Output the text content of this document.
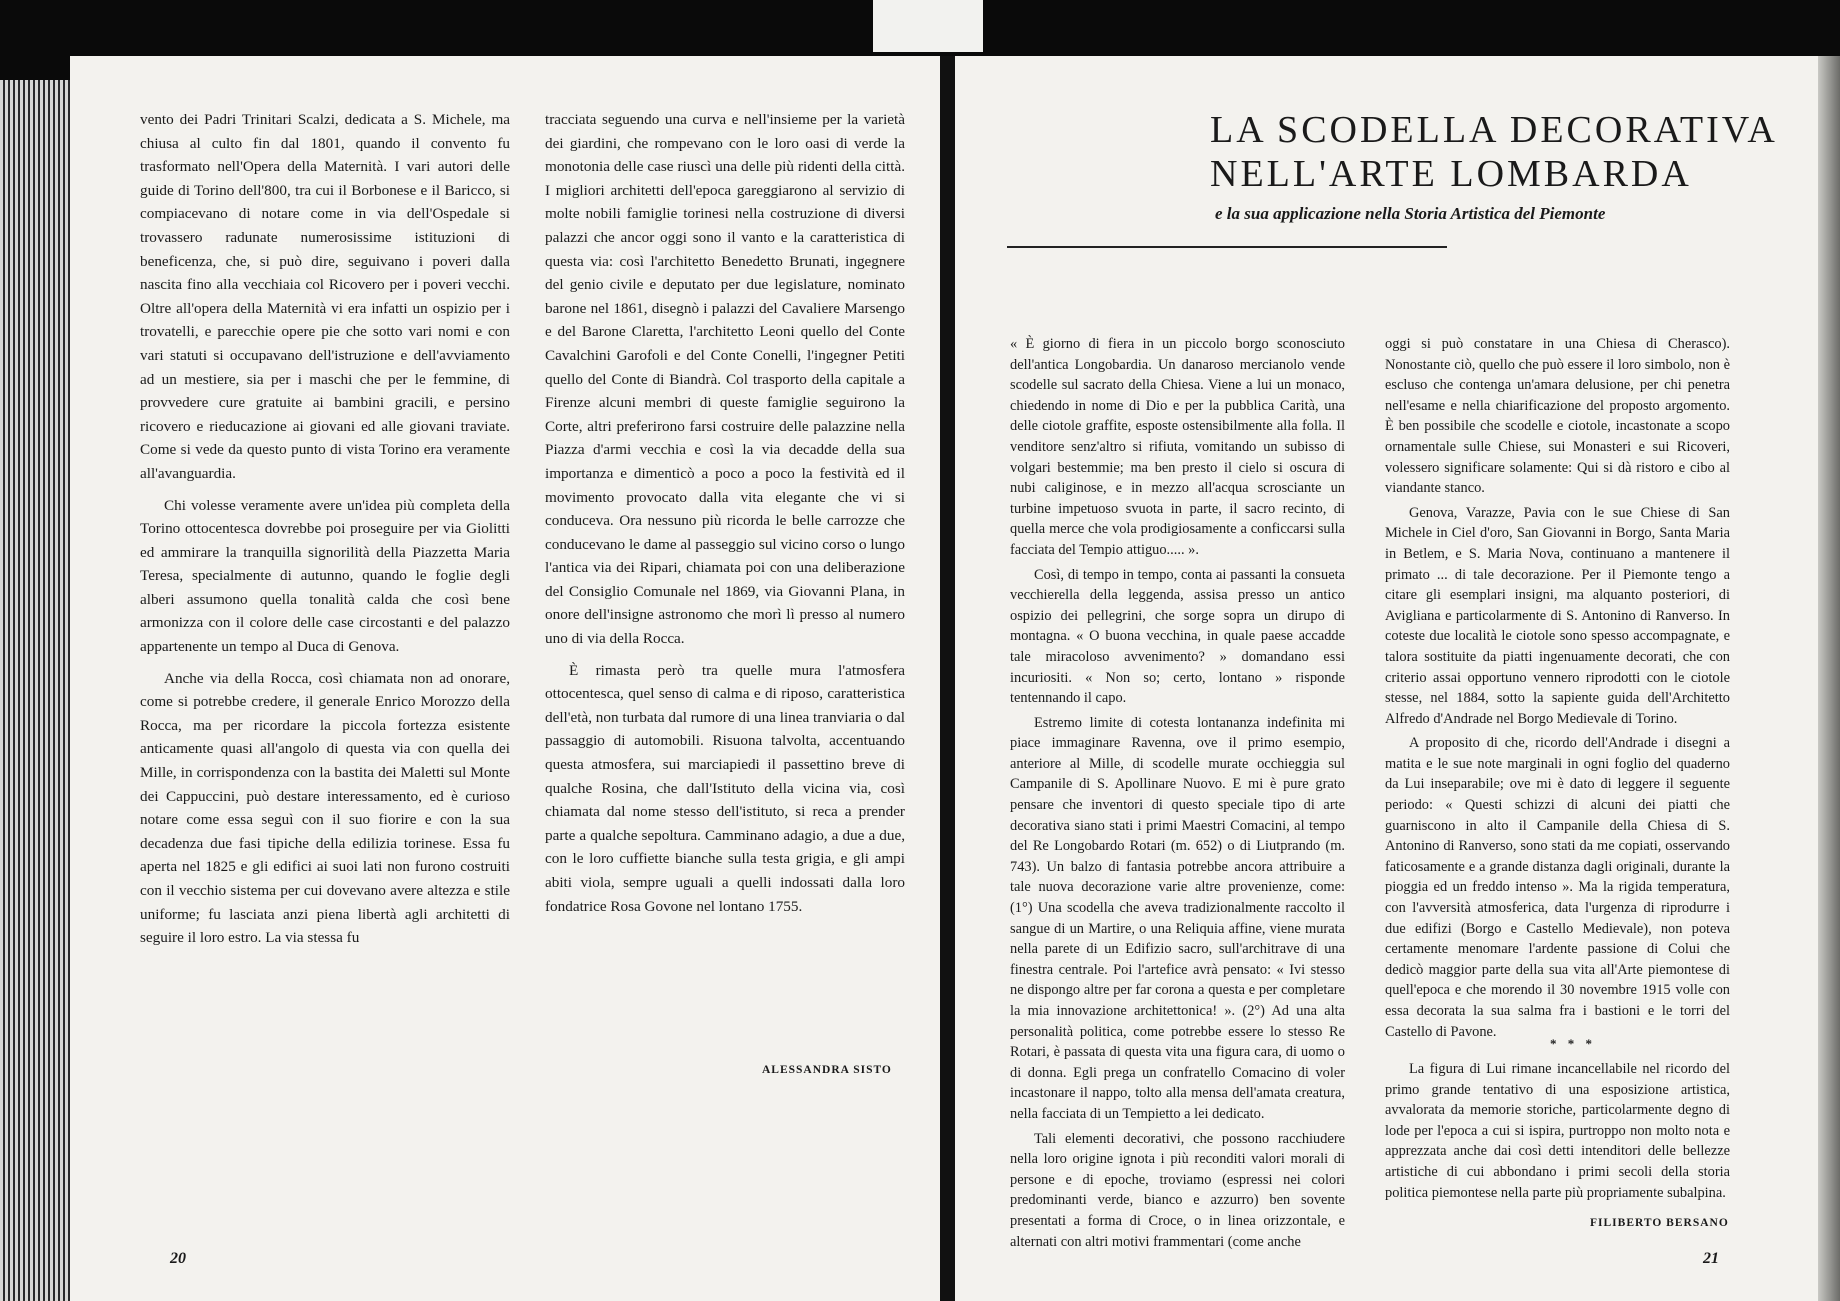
vento dei Padri Trinitari Scalzi, dedicata a S. Michele, ma chiusa al culto fin dal 1801, quando il convento fu trasformato nell'Opera della Maternità. I vari autori delle guide di Torino dell'800, tra cui il Borbonese e il Baricco, si compiacevano di notare come in via dell'Ospedale si trovassero radunate numerosissime istituzioni di beneficenza, che, si può dire, seguivano i poveri dalla nascita fino alla vecchiaia col Ricovero per i poveri vecchi. Oltre all'opera della Maternità vi era infatti un ospizio per i trovatelli, e parecchie opere pie che sotto vari nomi e con vari statuti si occupavano dell'istruzione e dell'avviamento ad un mestiere, sia per i maschi che per le femmine, di provvedere cure gratuite ai bambini gracili, e persino ricovero e rieducazione ai giovani ed alle giovani traviate. Come si vede da questo punto di vista Torino era veramente all'avanguardia.

Chi volesse veramente avere un'idea più completa della Torino ottocentesca dovrebbe poi proseguire per via Giolitti ed ammirare la tranquilla signorilità della Piazzetta Maria Teresa, specialmente di autunno, quando le foglie degli alberi assumono quella tonalità calda che così bene armonizza con il colore delle case circostanti e del palazzo appartenente un tempo al Duca di Genova.

Anche via della Rocca, così chiamata non ad onorare, come si potrebbe credere, il generale Enrico Morozzo della Rocca, ma per ricordare la piccola fortezza esistente anticamente quasi all'angolo di questa via con quella dei Mille, in corrispondenza con la bastita dei Maletti sul Monte dei Cappuccini, può destare interessamento, ed è curioso notare come essa seguì con il suo fiorire e con la sua decadenza due fasi tipiche della edilizia torinese. Essa fu aperta nel 1825 e gli edifici ai suoi lati non furono costruiti con il vecchio sistema per cui dovevano avere altezza e stile uniforme; fu lasciata anzi piena libertà agli architetti di seguire il loro estro. La via stessa fu

tracciata seguendo una curva e nell'insieme per la varietà dei giardini, che rompevano con le loro oasi di verde la monotonia delle case riuscì una delle più ridenti della città. I migliori architetti dell'epoca gareggiarono al servizio di molte nobili famiglie torinesi nella costruzione di diversi palazzi che ancor oggi sono il vanto e la caratteristica di questa via: così l'architetto Benedetto Brunati, ingegnere del genio civile e deputato per due legislature, nominato barone nel 1861, disegnò i palazzi del Cavaliere Marsengo e del Barone Claretta, l'architetto Leoni quello del Conte Cavalchini Garofoli e del Conte Conelli, l'ingegner Petiti quello del Conte di Biandrà. Col trasporto della capitale a Firenze alcuni membri di queste famiglie seguirono la Corte, altri preferirono farsi costruire delle palazzine nella Piazza d'armi vecchia e così la via decadde della sua importanza e dimenticò a poco a poco la festività ed il movimento provocato dalla vita elegante che vi si conduceva. Ora nessuno più ricorda le belle carrozze che conducevano le dame al passeggio sul vicino corso o lungo l'antica via dei Ripari, chiamata poi con una deliberazione del Consiglio Comunale nel 1869, via Giovanni Plana, in onore dell'insigne astronomo che morì lì presso al numero uno di via della Rocca.

È rimasta però tra quelle mura l'atmosfera ottocentesca, quel senso di calma e di riposo, caratteristica dell'età, non turbata dal rumore di una linea tranviaria o dal passaggio di automobili. Risuona talvolta, accentuando questa atmosfera, sui marciapiedi il passettino breve di qualche Rosina, che dall'Istituto della vicina via, così chiamata dal nome stesso dell'istituto, si reca a prender parte a qualche sepoltura. Camminano adagio, a due a due, con le loro cuffiette bianche sulla testa grigia, e gli ampi abiti viola, sempre uguali a quelli indossati dalla loro fondatrice Rosa Govone nel lontano 1755.

ALESSANDRA SISTO
20
LA SCODELLA DECORATIVA
NELL'ARTE LOMBARDA
e la sua applicazione nella Storia Artistica del Piemonte

« È giorno di fiera in un piccolo borgo sconosciuto dell'antica Longobardia. Un danaroso mercianolo vende scodelle sul sacrato della Chiesa. Viene a lui un monaco, chiedendo in nome di Dio e per la pubblica Carità, una delle ciotole graffite, esposte ostensibilmente alla folla. Il venditore senz'altro si rifiuta, vomitando un subisso di volgari bestemmie; ma ben presto il cielo si oscura di nubi caliginose, e in mezzo all'acqua scrosciante un turbine impetuoso svuota in parte, il sacro recinto, di quella merce che vola prodigiosamente a conficcarsi sulla facciata del Tempio attiguo..... ».

Così, di tempo in tempo, conta ai passanti la consueta vecchierella della leggenda, assisa presso un antico ospizio dei pellegrini, che sorge sopra un dirupo di montagna. « O buona vecchina, in quale paese accadde tale miracoloso avvenimento? » domandano essi incuriositi. « Non so; certo, lontano » risponde tentennando il capo.

Estremo limite di cotesta lontananza indefinita mi piace immaginare Ravenna, ove il primo esempio, anteriore al Mille, di scodelle murate occhieggia sul Campanile di S. Apollinare Nuovo. E mi è pure grato pensare che inventori di questo speciale tipo di arte decorativa siano stati i primi Maestri Comacini, al tempo del Re Longobardo Rotari (m. 652) o di Liutprando (m. 743). Un balzo di fantasia potrebbe ancora attribuire a tale nuova decorazione varie altre provenienze, come: (1°) Una scodella che aveva tradizionalmente raccolto il sangue di un Martire, o una Reliquia affine, viene murata nella parete di un Edifizio sacro, sull'architrave di una finestra centrale. Poi l'artefice avrà pensato: « Ivi stesso ne dispongo altre per far corona a questa e per completare la mia innovazione architettonica! ». (2°) Ad una alta personalità politica, come potrebbe essere lo stesso Re Rotari, è passata di questa vita una figura cara, di uomo o di donna. Egli prega un confratello Comacino di voler incastonare il nappo, tolto alla mensa dell'amata creatura, nella facciata di un Tempietto a lei dedicato.

Tali elementi decorativi, che possono racchiudere nella loro origine ignota i più reconditi valori morali di persone e di epoche, troviamo (espressi nei colori predominanti verde, bianco e azzurro) ben sovente presentati a forma di Croce, o in linea orizzontale, e alternati con altri motivi frammentari (come anche

oggi si può constatare in una Chiesa di Cherasco). Nonostante ciò, quello che può essere il loro simbolo, non è escluso che contenga un'amara delusione, per chi penetra nell'esame e nella chiarificazione del proposto argomento. È ben possibile che scodelle e ciotole, incastonate a scopo ornamentale sulle Chiese, sui Monasteri e sui Ricoveri, volessero significare solamente: Qui si dà ristoro e cibo al viandante stanco.

Genova, Varazze, Pavia con le sue Chiese di San Michele in Ciel d'oro, San Giovanni in Borgo, Santa Maria in Betlem, e S. Maria Nova, continuano a mantenere il primato ... di tale decorazione. Per il Piemonte tengo a citare gli esemplari insigni, ma alquanto posteriori, di Avigliana e particolarmente di S. Antonino di Ranverso. In coteste due località le ciotole sono spesso accompagnate, e talora sostituite da piatti ingenuamente decorati, che con criterio assai opportuno vennero riprodotti con le ciotole stesse, nel 1884, sotto la sapiente guida dell'Architetto Alfredo d'Andrade nel Borgo Medievale di Torino.

A proposito di che, ricordo dell'Andrade i disegni a matita e le sue note marginali in ogni foglio del quaderno da Lui inseparabile; ove mi è dato di leggere il seguente periodo: « Questi schizzi di alcuni dei piatti che guarniscono in alto il Campanile della Chiesa di S. Antonino di Ranverso, sono stati da me copiati, osservando faticosamente e a grande distanza dagli originali, durante la pioggia ed un freddo intenso ». Ma la rigida temperatura, con l'avversità atmosferica, data l'urgenza di riprodurre i due edifizi (Borgo e Castello Medievale), non poteva certamente menomare l'ardente passione di Colui che dedicò maggior parte della sua vita all'Arte piemontese di quell'epoca e che morendo il 30 novembre 1915 volle con essa decorata la sua salma fra i bastioni e le torri del Castello di Pavone.

* * *

La figura di Lui rimane incancellabile nel ricordo del primo grande tentativo di una esposizione artistica, avvalorata da memorie storiche, particolarmente degno di lode per l'epoca a cui si ispira, purtroppo non molto nota e apprezzata anche dai così detti intenditori delle bellezze artistiche di cui abbondano i primi secoli della storia politica piemontese nella parte più propriamente subalpina.

FILIBERTO BERSANO
21
